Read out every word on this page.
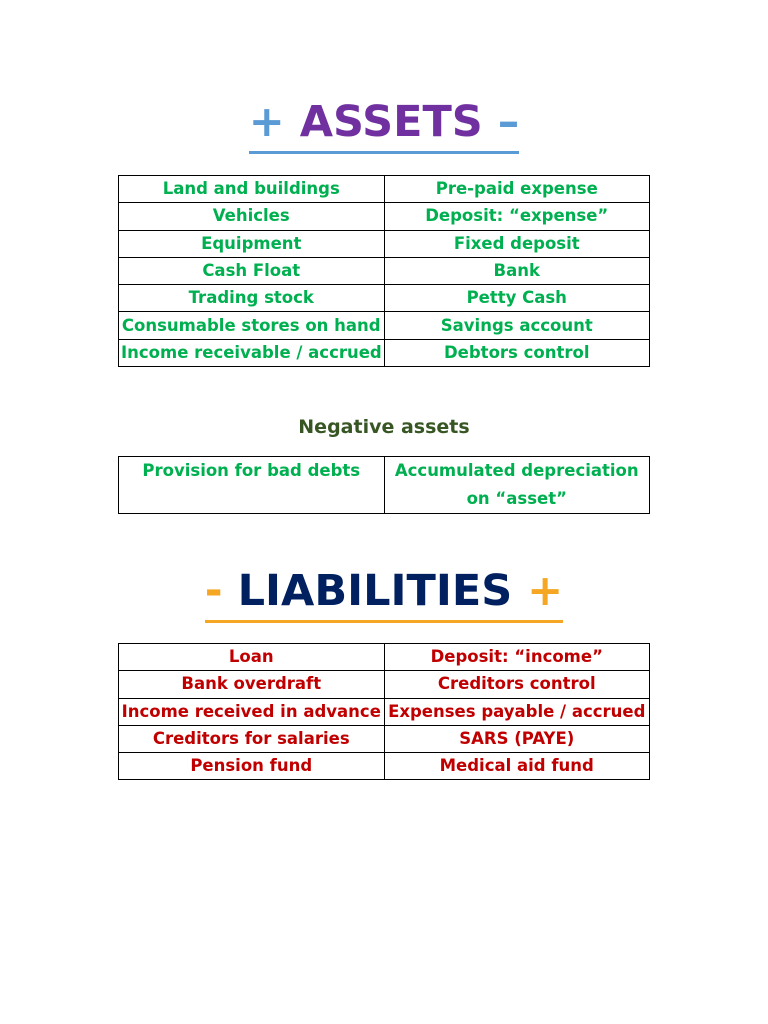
+ ASSETS –
Land and buildings	Pre-paid expense
Vehicles	Deposit: “expense”
Equipment	Fixed deposit
Cash Float	Bank
Trading stock	Petty Cash
Consumable stores on hand	Savings account
Income receivable / accrued	Debtors control
Negative assets
Provision for bad debts	Accumulated depreciation on “asset”
- LIABILITIES +
Loan	Deposit: “income”
Bank overdraft	Creditors control
Income received in advance	Expenses payable / accrued
Creditors for salaries	SARS (PAYE)
Pension fund	Medical aid fund
